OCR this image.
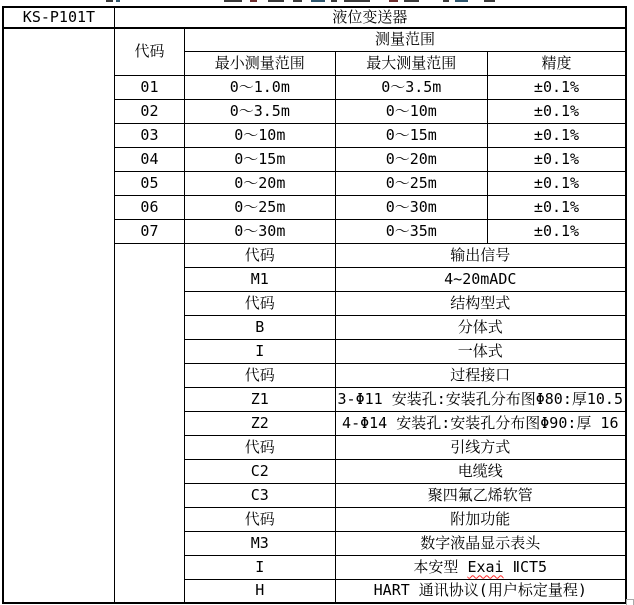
KS-P101T	液位变送器			
	代码	测量范围		
		最小测量范围	最大测量范围	精度
	01	0～1.0m	0～3.5m	±0.1%
	02	0～3.5m	0～10m	±0.1%
	03	0～10m	0～15m	±0.1%
	04	0～15m	0～20m	±0.1%
	05	0～20m	0～25m	±0.1%
	06	0～25m	0～30m	±0.1%
	07	0～30m	0～35m	±0.1%
		代码	输出信号	
		M1	4~20mADC	
		代码	结构型式	
		B	分体式	
		I	一体式	
		代码	过程接口	
		Z1	3-Φ11 安装孔:安装孔分布图Φ80:厚10.5	
		Z2	4-Φ14 安装孔:安装孔分布图Φ90:厚 16	
		代码	引线方式	
		C2	电缆线	
		C3	聚四氟乙烯软管	
		代码	附加功能	
		M3	数字液晶显示表头	
		I	本安型 Exai ⅡCT5	
		H	HART 通讯协议(用户标定量程)	
